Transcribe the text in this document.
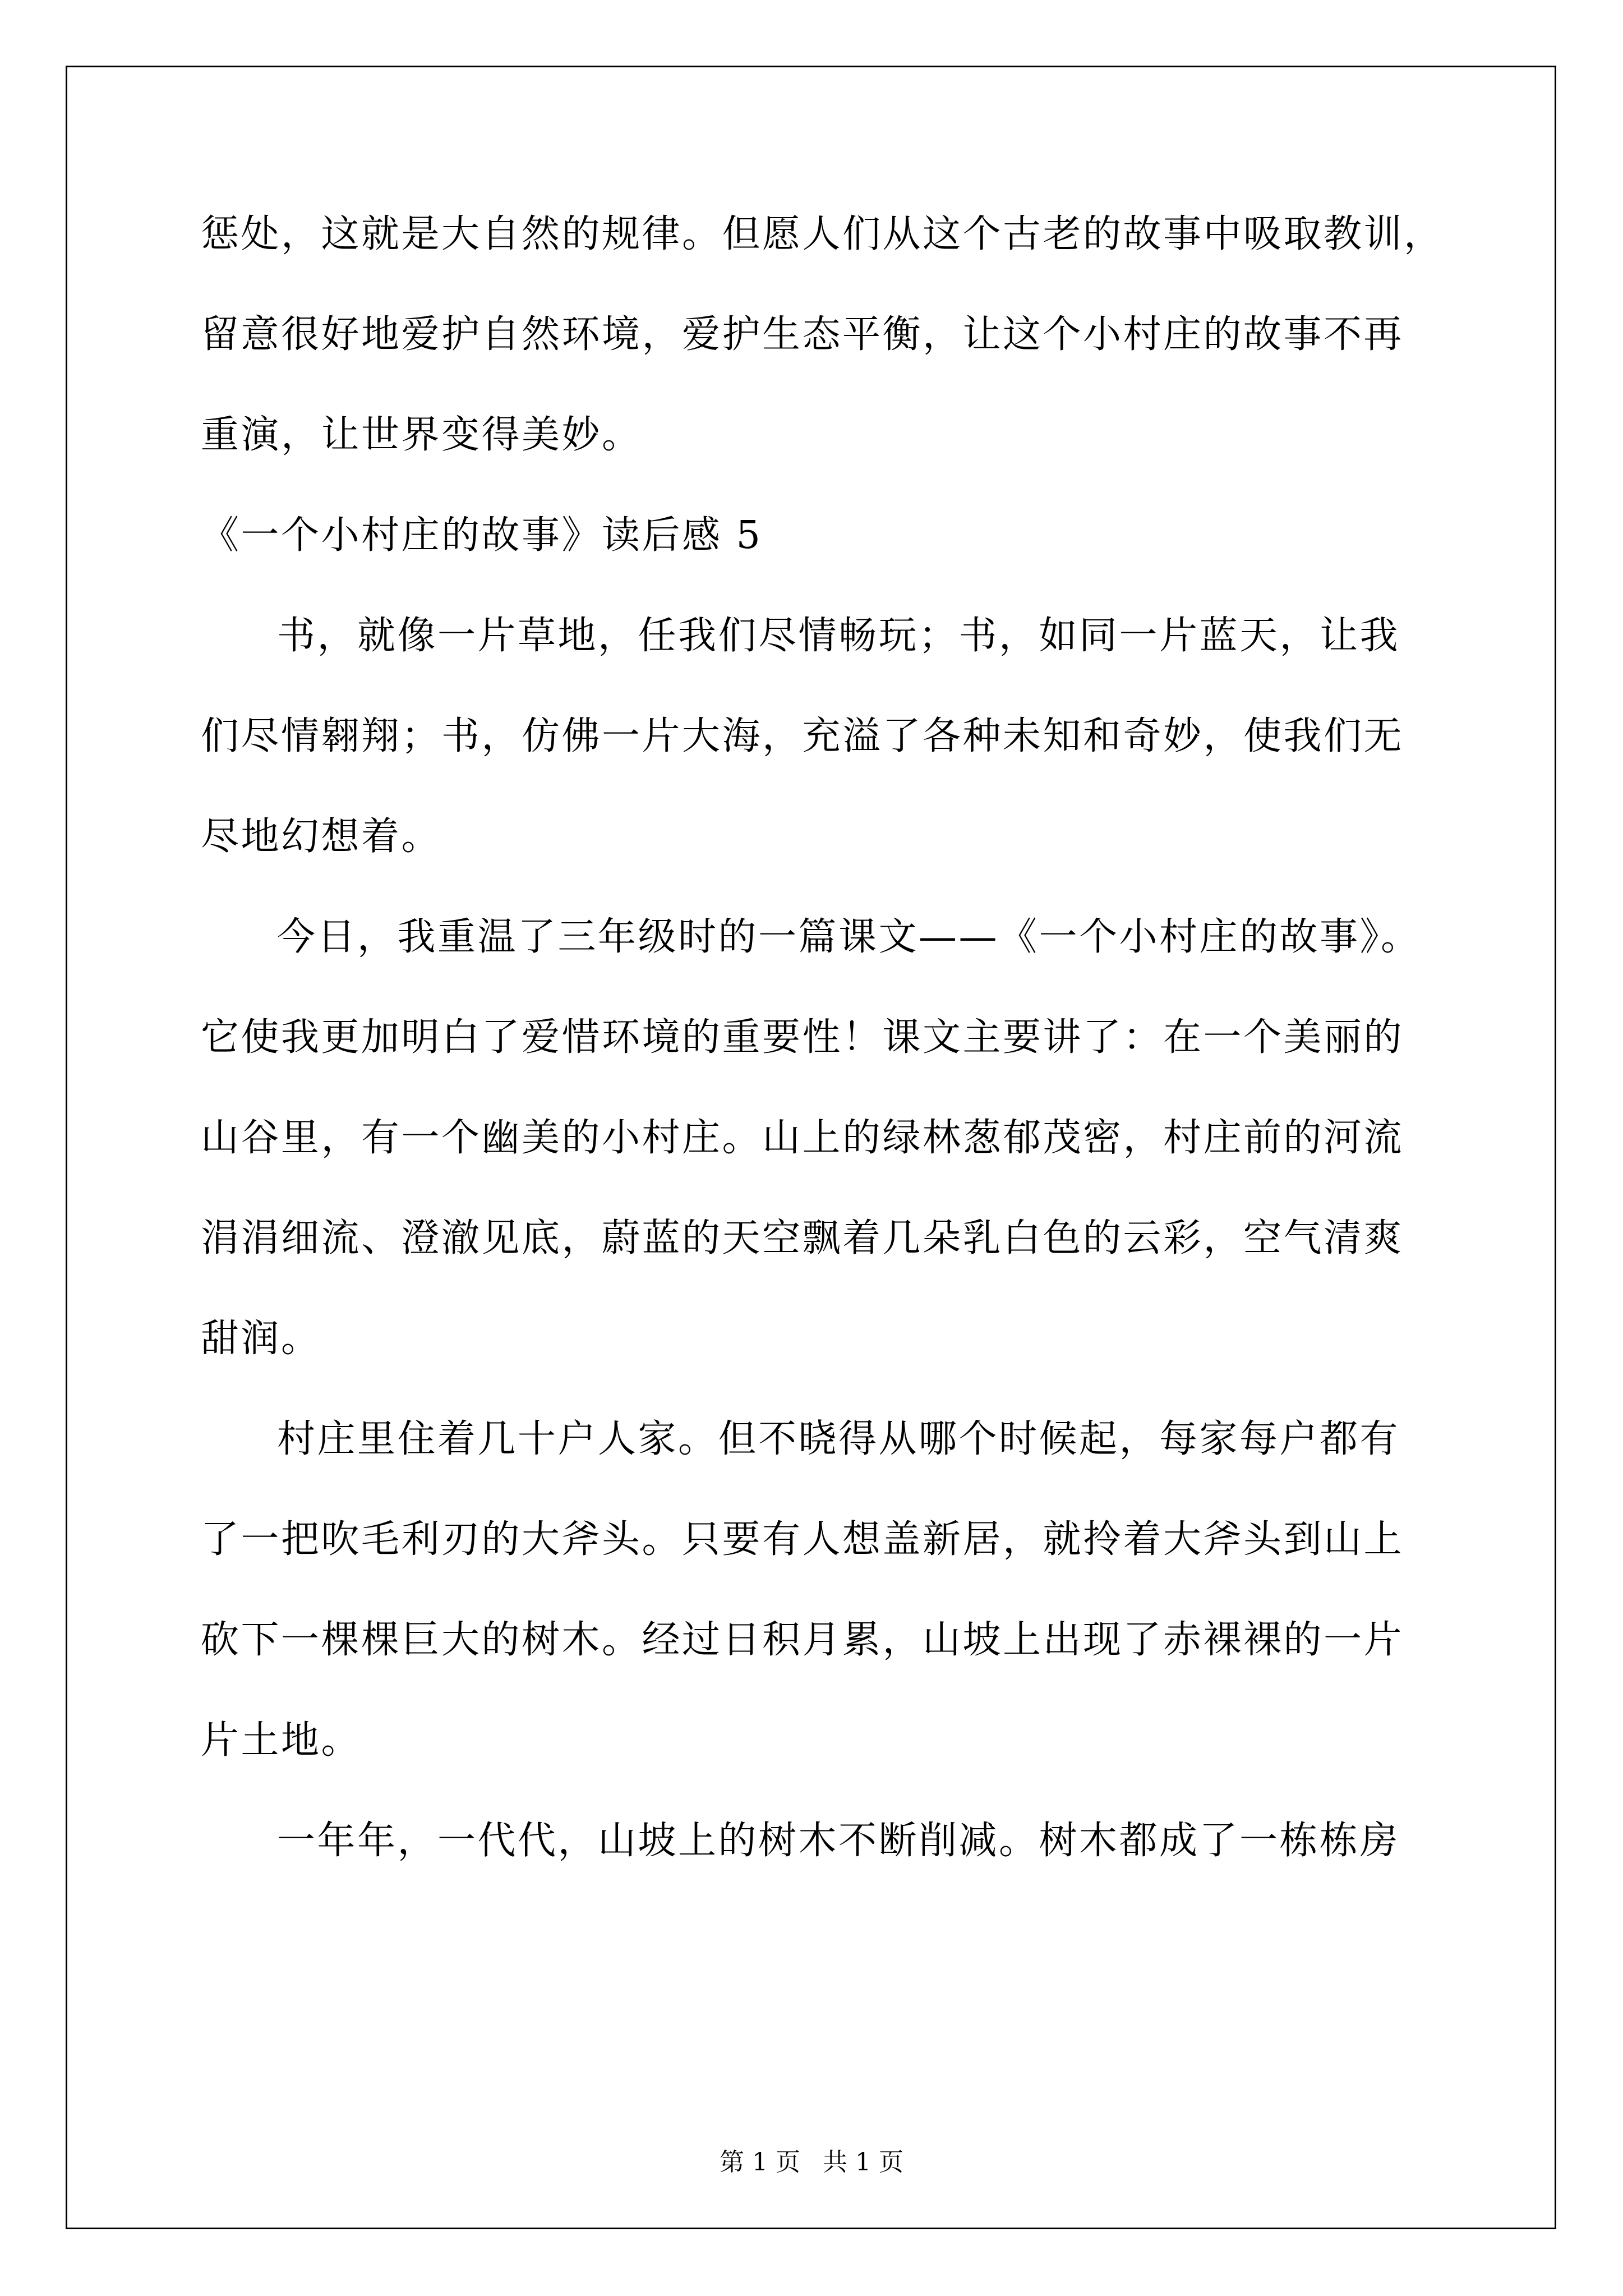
惩处，这就是大自然的规律。但愿人们从这个古老的故事中吸取教训，
留意很好地爱护自然环境，爱护生态平衡，让这个小村庄的故事不再
重演，让世界变得美妙。
《一个小村庄的故事》读后感 5
书，就像一片草地，任我们尽情畅玩；书，如同一片蓝天，让我
们尽情翱翔；书，仿佛一片大海，充溢了各种未知和奇妙，使我们无
尽地幻想着。
今日，我重温了三年级时的一篇课文——《一个小村庄的故事》。
它使我更加明白了爱惜环境的重要性！课文主要讲了：在一个美丽的
山谷里，有一个幽美的小村庄。山上的绿林葱郁茂密，村庄前的河流
涓涓细流、澄澈见底，蔚蓝的天空飘着几朵乳白色的云彩，空气清爽
甜润。
村庄里住着几十户人家。但不晓得从哪个时候起，每家每户都有
了一把吹毛利刃的大斧头。只要有人想盖新居，就拎着大斧头到山上
砍下一棵棵巨大的树木。经过日积月累，山坡上出现了赤裸裸的一片
片土地。
一年年，一代代，山坡上的树木不断削减。树木都成了一栋栋房
第 1 页 共 1 页
